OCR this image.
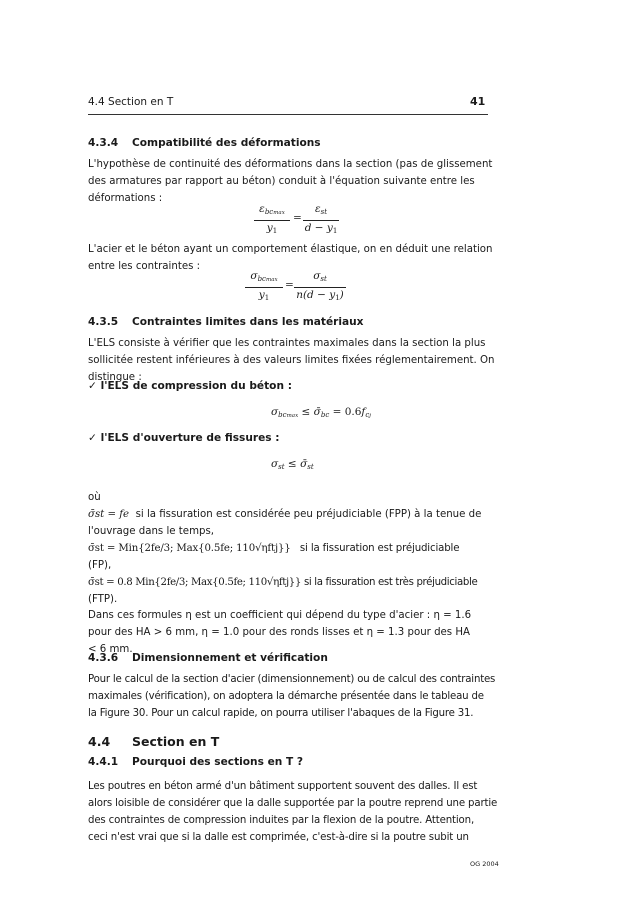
4.4 Section en T	41
4.3.4 Compatibilité des déformations
L'hypothèse de continuité des déformations dans la section (pas de glissement
des armatures par rapport au béton) conduit à l'équation suivante entre les
déformations :
$\varepsilon_{bcmax}$
$y_1$
=
$\varepsilon_{st}$
$d - y_1$
L'acier et le béton ayant un comportement élastique, on en déduit une relation
entre les contraintes :
$\sigma_{bcmax}$
$y_1$
=
$\sigma_{st}$
$n(d - y_1)$
4.3.5 Contraintes limites dans les matériaux
L'ELS consiste à vérifier que les contraintes maximales dans la section la plus
sollicitée restent inférieures à des valeurs limites fixées réglementairement. On
distingue :
✓ l'ELS de compression du béton :
$\sigma_{bcmax}$ ≤ $\sigmā_{bc} = 0.6f_{cj}$
✓ l'ELS d'ouverture de fissures :
$\sigma_{st}$ ≤ $\sigmā_{st}$
où
σ̄st = fe si la fissuration est considérée peu préjudiciable (FPP) à la tenue de
l'ouvrage dans le temps,
σ̄st = Min{2fe/3; Max{0.5fe; 110√ηftj}} si la fissuration est préjudiciable
(FP),
σ̄st = 0.8 Min{2fe/3; Max{0.5fe; 110√ηftj}} si la fissuration est très préjudiciable
(FTP).
Dans ces formules η est un coefficient qui dépend du type d'acier : η = 1.6
pour des HA > 6 mm, η = 1.0 pour des ronds lisses et η = 1.3 pour des HA
< 6 mm.
4.3.6 Dimensionnement et vérification
Pour le calcul de la section d'acier (dimensionnement) ou de calcul des contraintes
maximales (vérification), on adoptera la démarche présentée dans le tableau de
la Figure 30. Pour un calcul rapide, on pourra utiliser l'abaques de la Figure 31.
4.4 Section en T
4.4.1 Pourquoi des sections en T ?
Les poutres en béton armé d'un bâtiment supportent souvent des dalles. Il est
alors loisible de considérer que la dalle supportée par la poutre reprend une partie
des contraintes de compression induites par la flexion de la poutre. Attention,
ceci n'est vrai que si la dalle est comprimée, c'est-à-dire si la poutre subit un
OG 2004
